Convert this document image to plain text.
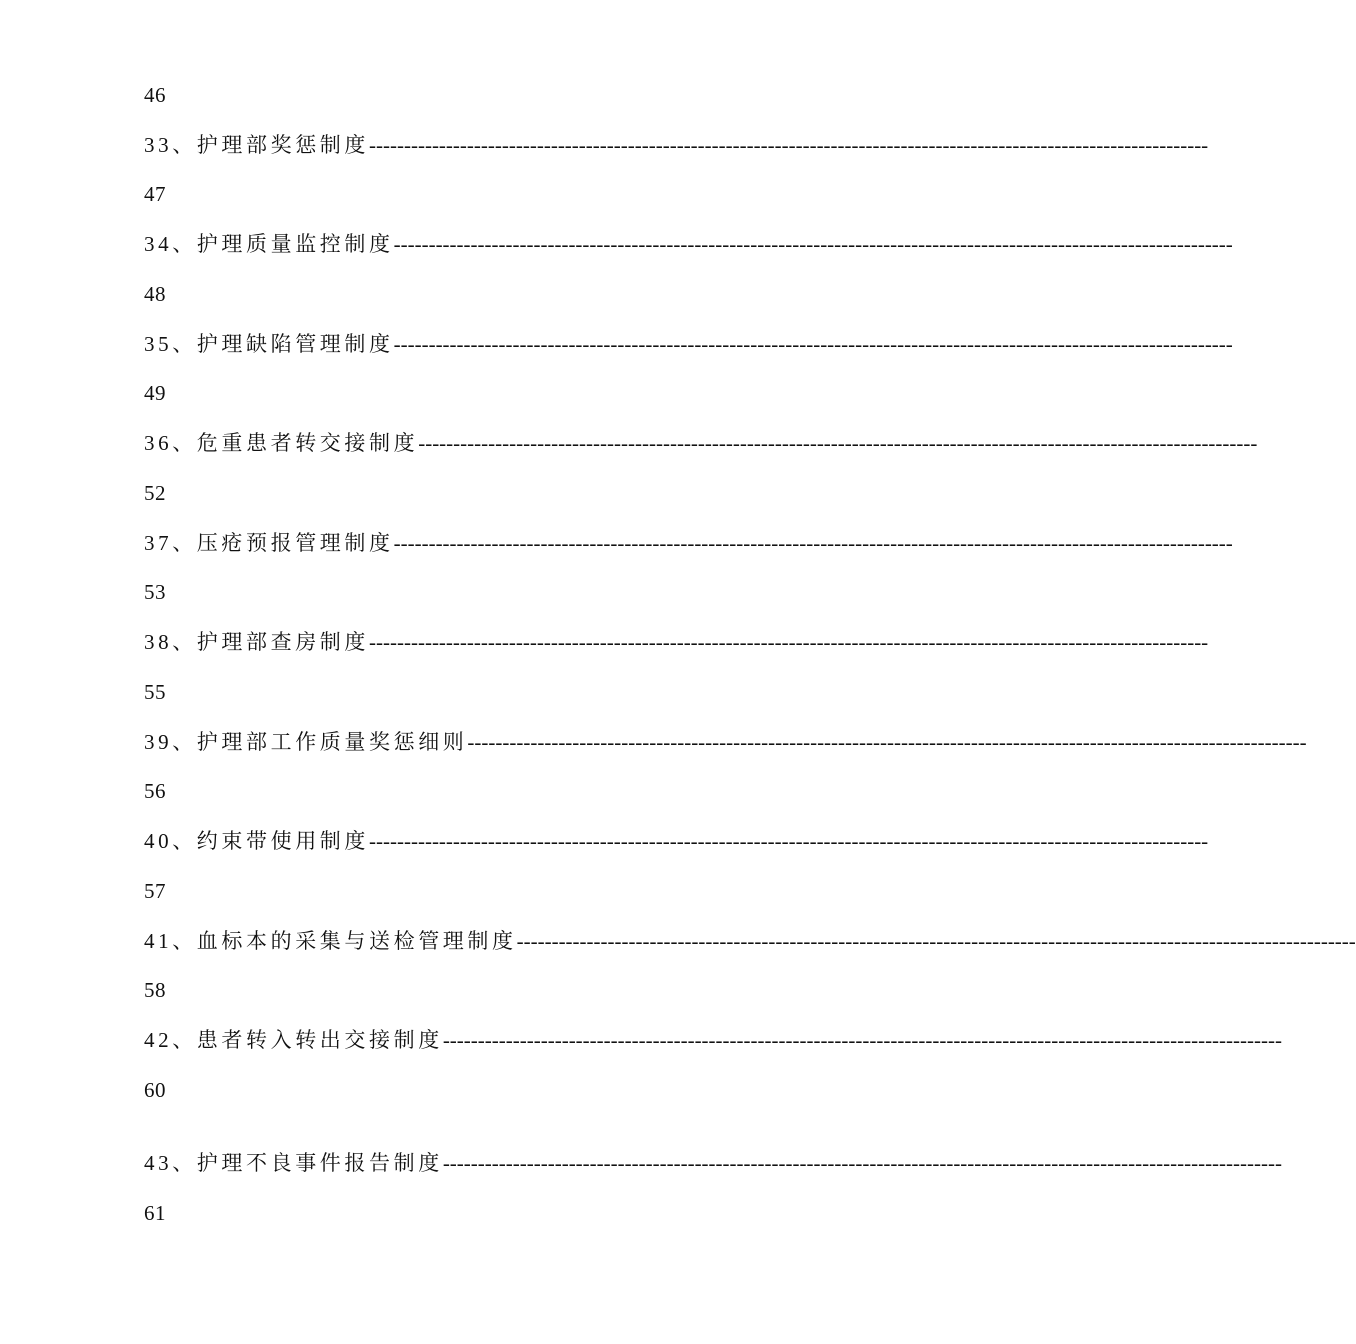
46
33、护理部奖惩制度 ------------------------------------------------------------------------------------------------------------------------
47
34、护理质量监控制度 ------------------------------------------------------------------------------------------------------------------------
48
35、护理缺陷管理制度 ------------------------------------------------------------------------------------------------------------------------
49
36、危重患者转交接制度 ------------------------------------------------------------------------------------------------------------------------
52
37、压疮预报管理制度 ------------------------------------------------------------------------------------------------------------------------
53
38、护理部查房制度 ------------------------------------------------------------------------------------------------------------------------
55
39、护理部工作质量奖惩细则 ------------------------------------------------------------------------------------------------------------------------
56
40、约束带使用制度 ------------------------------------------------------------------------------------------------------------------------
57
41、血标本的采集与送检管理制度 ------------------------------------------------------------------------------------------------------------------------
58
42、患者转入转出交接制度 ------------------------------------------------------------------------------------------------------------------------
60
43、护理不良事件报告制度 ------------------------------------------------------------------------------------------------------------------------
61
